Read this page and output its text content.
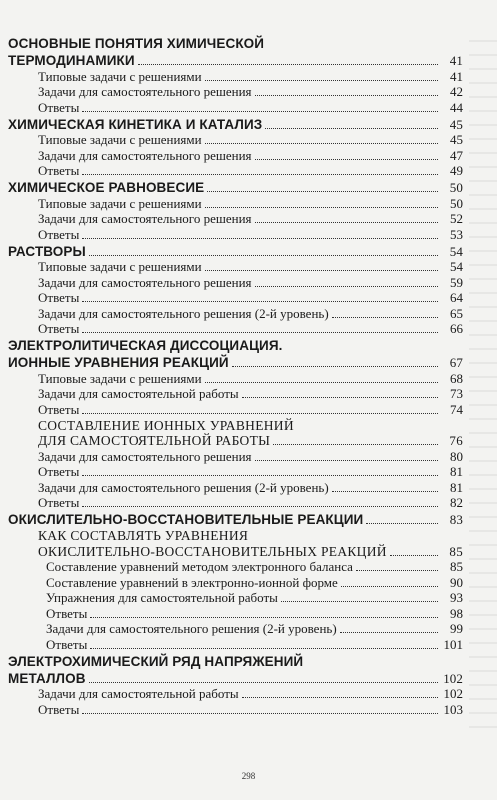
ОСНОВНЫЕ ПОНЯТИЯ ХИМИЧЕСКОЙ
ТЕРМОДИНАМИКИ	41
Типовые задачи с решениями	41
Задачи для самостоятельного решения	42
Ответы	44
ХИМИЧЕСКАЯ КИНЕТИКА И КАТАЛИЗ	45
Типовые задачи с решениями	45
Задачи для самостоятельного решения	47
Ответы	49
ХИМИЧЕСКОЕ РАВНОВЕСИЕ	50
Типовые задачи с решениями	50
Задачи для самостоятельного решения	52
Ответы	53
РАСТВОРЫ	54
Типовые задачи с решениями	54
Задачи для самостоятельного решения	59
Ответы	64
Задачи для самостоятельного решения (2-й уровень)	65
Ответы	66
ЭЛЕКТРОЛИТИЧЕСКАЯ ДИССОЦИАЦИЯ.
ИОННЫЕ УРАВНЕНИЯ РЕАКЦИЙ	67
Типовые задачи с решениями	68
Задачи для самостоятельной работы	73
Ответы	74
СОСТАВЛЕНИЕ ИОННЫХ УРАВНЕНИЙ
ДЛЯ САМОСТОЯТЕЛЬНОЙ РАБОТЫ	76
Задачи для самостоятельного решения	80
Ответы	81
Задачи для самостоятельного решения (2-й уровень)	81
Ответы	82
ОКИСЛИТЕЛЬНО-ВОССТАНОВИТЕЛЬНЫЕ РЕАКЦИИ	83
КАК СОСТАВЛЯТЬ УРАВНЕНИЯ
ОКИСЛИТЕЛЬНО-ВОССТАНОВИТЕЛЬНЫХ РЕАКЦИЙ	85
Составление уравнений методом электронного баланса	85
Составление уравнений в электронно-ионной форме	90
Упражнения для самостоятельной работы	93
Ответы	98
Задачи для самостоятельного решения (2-й уровень)	99
Ответы	101
ЭЛЕКТРОХИМИЧЕСКИЙ РЯД НАПРЯЖЕНИЙ
МЕТАЛЛОВ	102
Задачи для самостоятельной работы	102
Ответы	103
298
